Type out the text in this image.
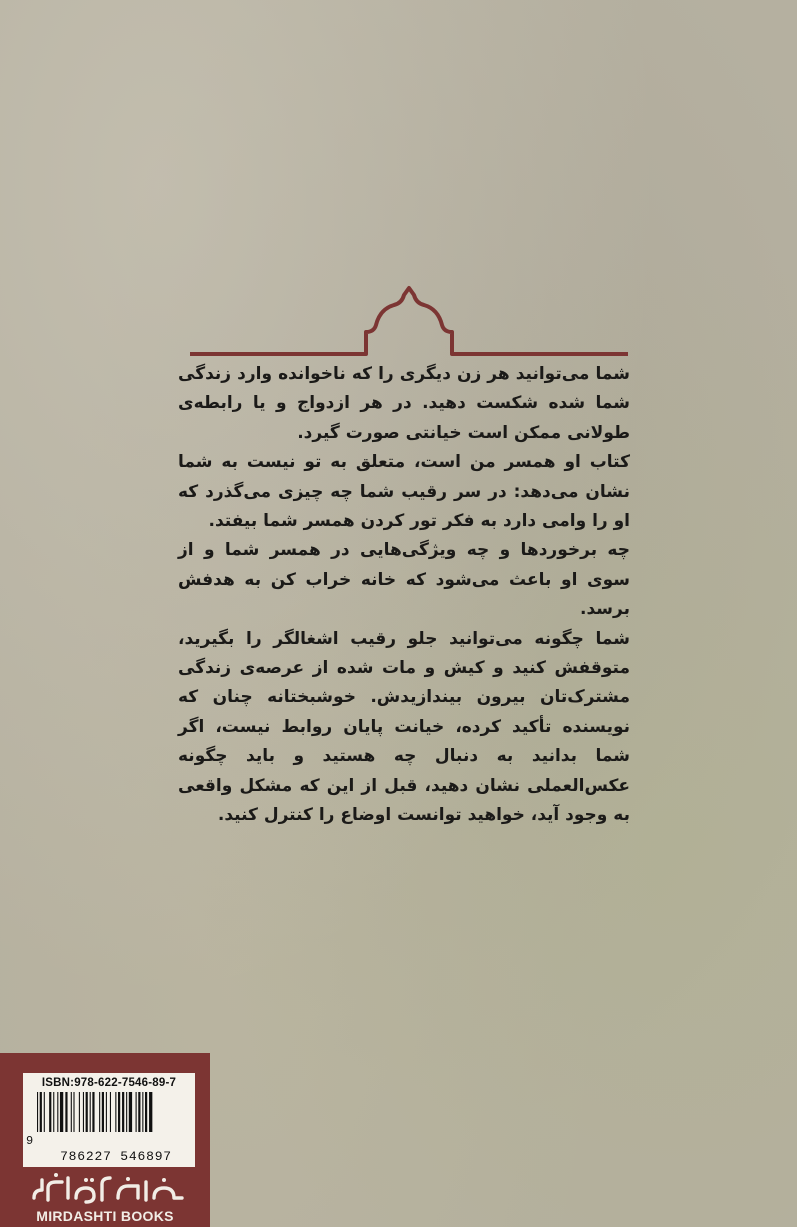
شما می‌توانید هر زن دیگری را که ناخوانده وارد زندگی شما شده شکست دهید. در هر ازدواج و یا رابطه‌ی طولانی ممکن است خیانتی صورت گیرد.

کتاب او همسر من است، متعلق به تو نیست به شما نشان می‌دهد: در سر رقیب شما چه چیزی می‌گذرد که او را وامی دارد به فکر تور کردن همسر شما بیفتد.

چه برخوردها و چه ویژگی‌هایی در همسر شما و از سوی او باعث می‌شود که خانه خراب کن به هدفش برسد.

شما چگونه می‌توانید جلو رقیب اشغالگر را بگیرید، متوقفش کنید و کیش و مات شده از عرصه‌ی زندگی مشترک‌تان بیرون بیندازیدش. خوشبختانه چنان که نویسنده تأکید کرده، خیانت پایان روابط نیست، اگر شما بدانید به دنبال چه هستید و باید چگونه عکس‌العملی نشان دهید، قبل از این که مشکل واقعی به وجود آید، خواهید توانست اوضاع را کنترل کنید.

ISBN:978-622-7546-89-7
9
786227 546897
MIRDASHTI BOOKS
